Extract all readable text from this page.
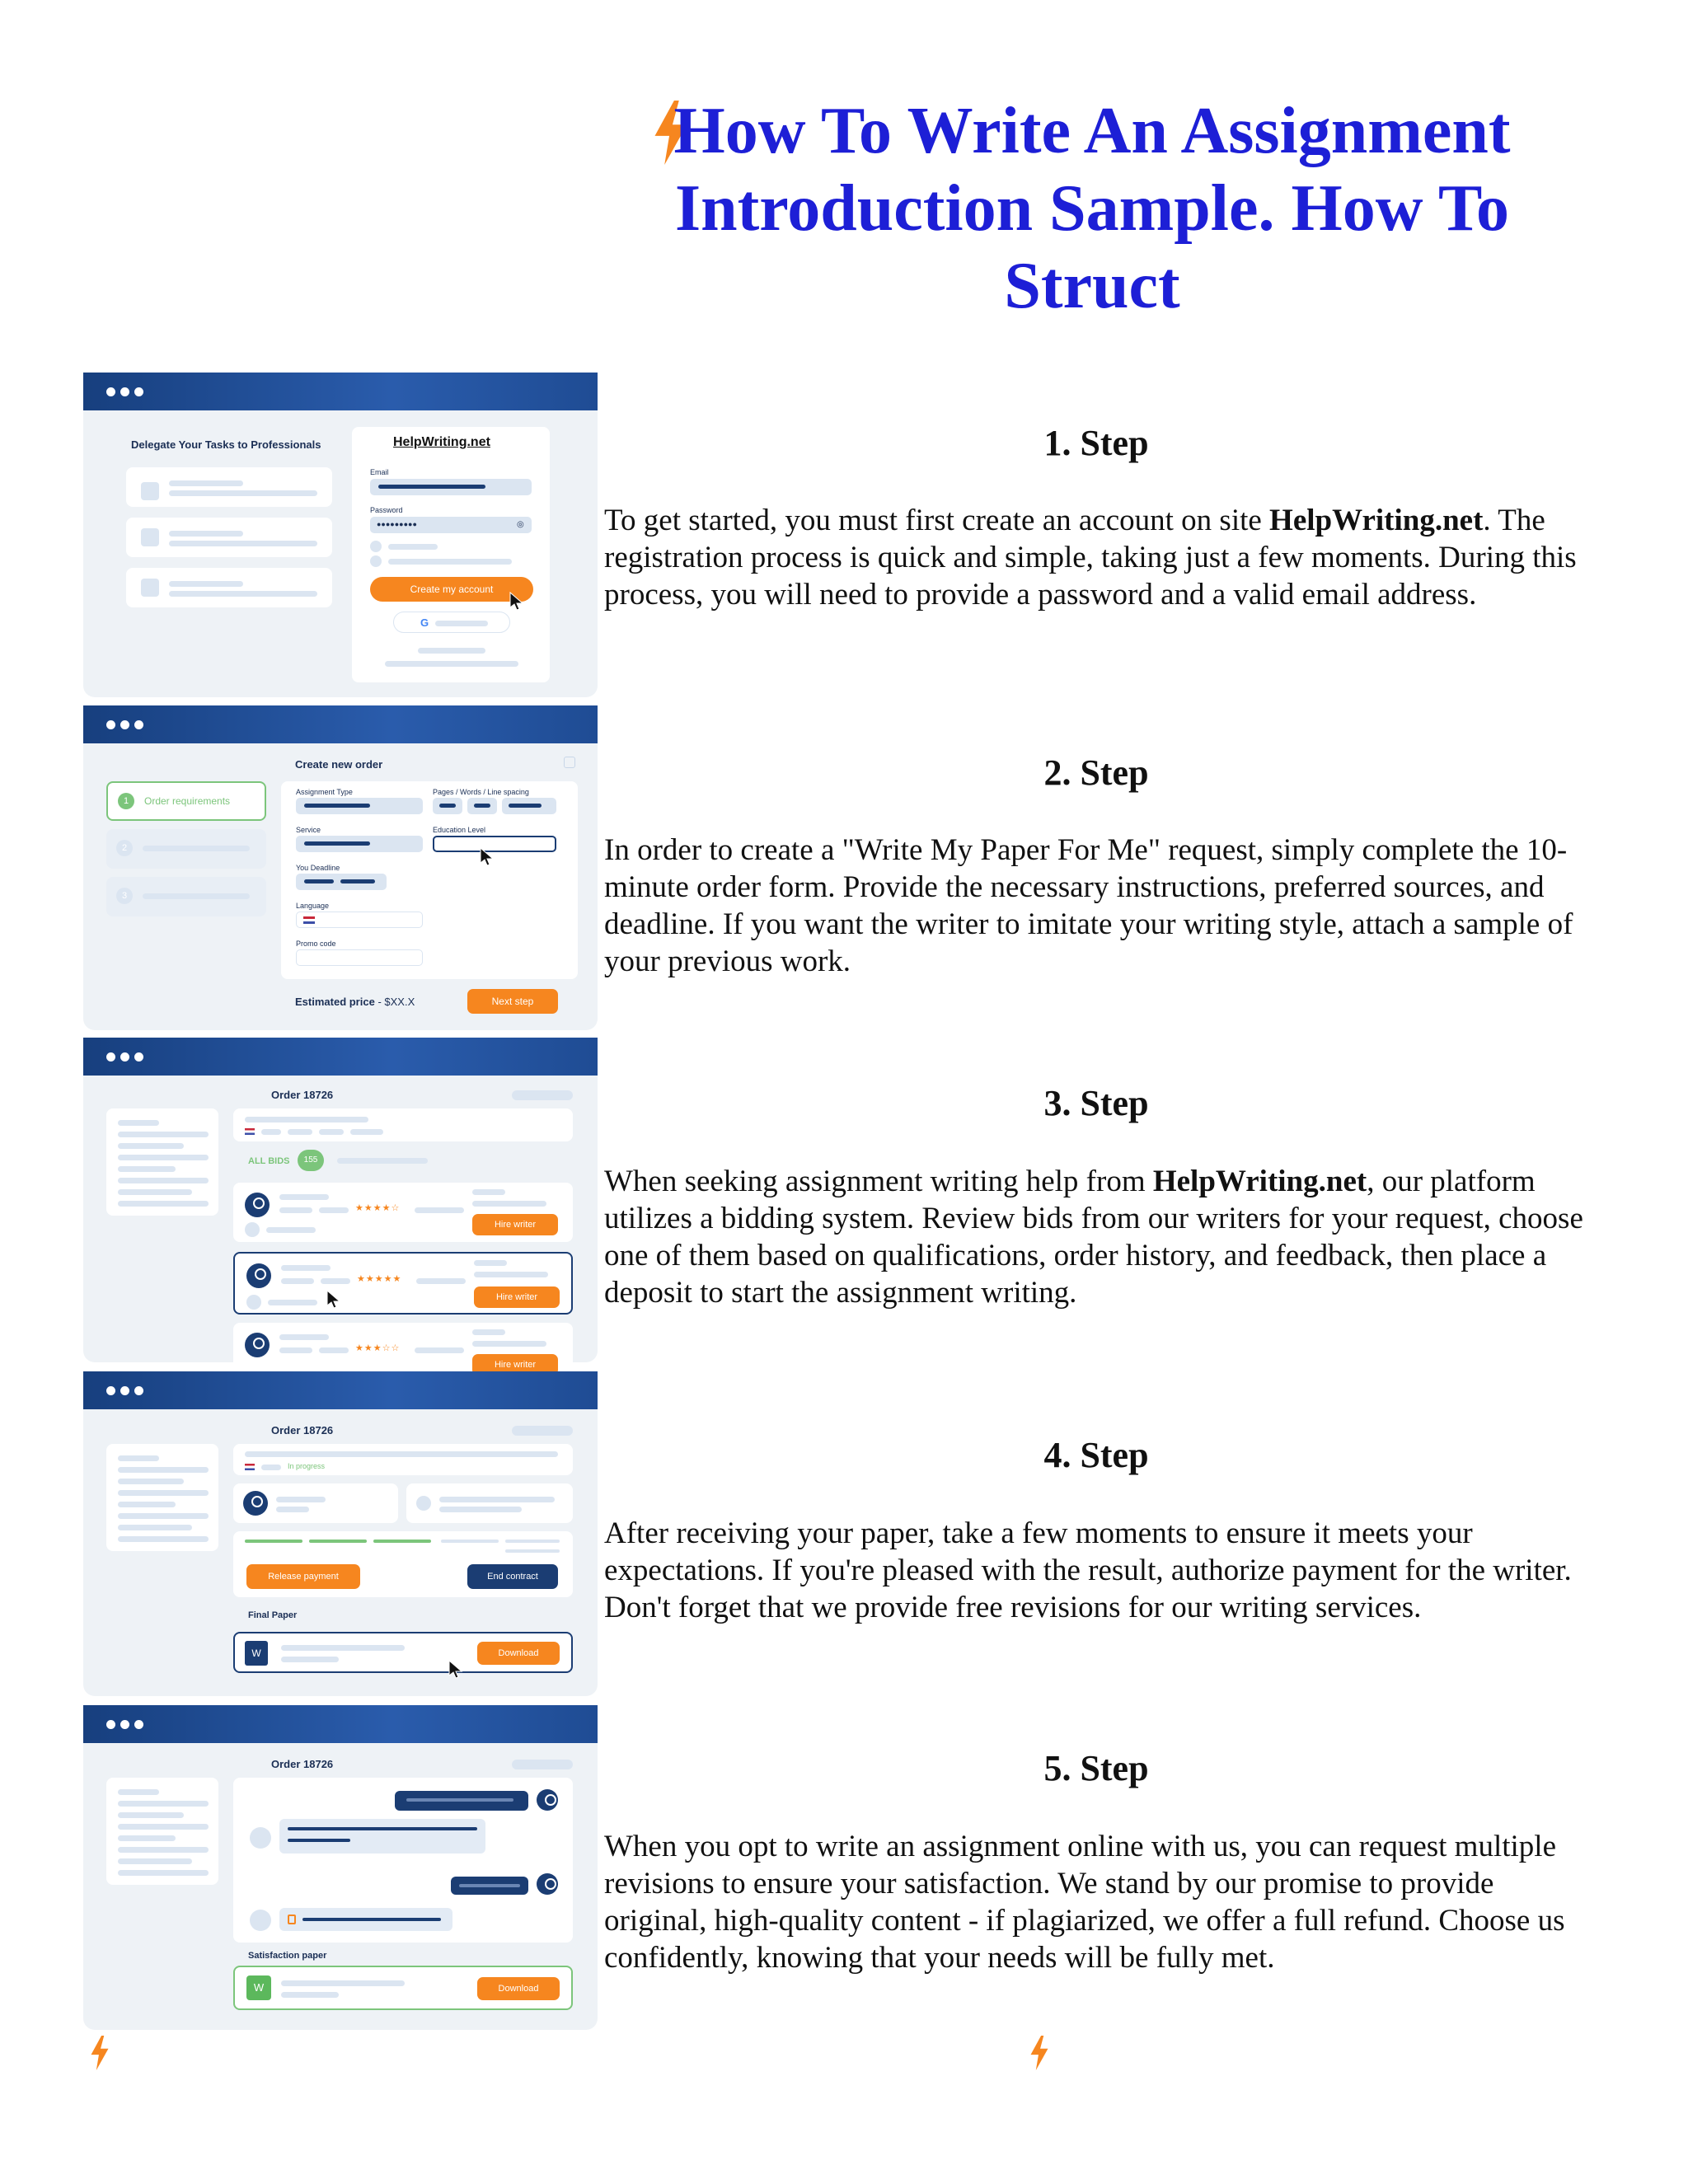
How To Write An Assignment Introduction Sample. How To Struct
1. Step

To get started, you must first create an account on site HelpWriting.net. The registration process is quick and simple, taking just a few moments. During this process, you will need to provide a password and a valid email address.

2. Step

In order to create a "Write My Paper For Me" request, simply complete the 10-minute order form. Provide the necessary instructions, preferred sources, and deadline. If you want the writer to imitate your writing style, attach a sample of your previous work.

3. Step

When seeking assignment writing help from HelpWriting.net, our platform utilizes a bidding system. Review bids from our writers for your request, choose one of them based on qualifications, order history, and feedback, then place a deposit to start the assignment writing.

4. Step

After receiving your paper, take a few moments to ensure it meets your expectations. If you're pleased with the result, authorize payment for the writer. Don't forget that we provide free revisions for our writing services.

5. Step

When you opt to write an assignment online with us, you can request multiple revisions to ensure your satisfaction. We stand by our promise to provide original, high-quality content - if plagiarized, we offer a full refund. Choose us confidently, knowing that your needs will be fully met.

Delegate Your Tasks to Professionals	HelpWriting.net
Email
Password
●●●●●●●●●	◎
Create my account
G
Create new order
1	Order requirements
2
3
Assignment Type	Pages / Words / Line spacing
Service	Education Level
You Deadline
Language
Promo code
Estimated price - $XX.X	Next step
Order 18726
ALL BIDS	155
★★★★☆
Hire writer
★★★★★
Hire writer
★★★☆☆
Hire writer
Order 18726
In progress
Release payment	End contract
Final Paper
W	Download
Order 18726
Satisfaction paper
W	Download
